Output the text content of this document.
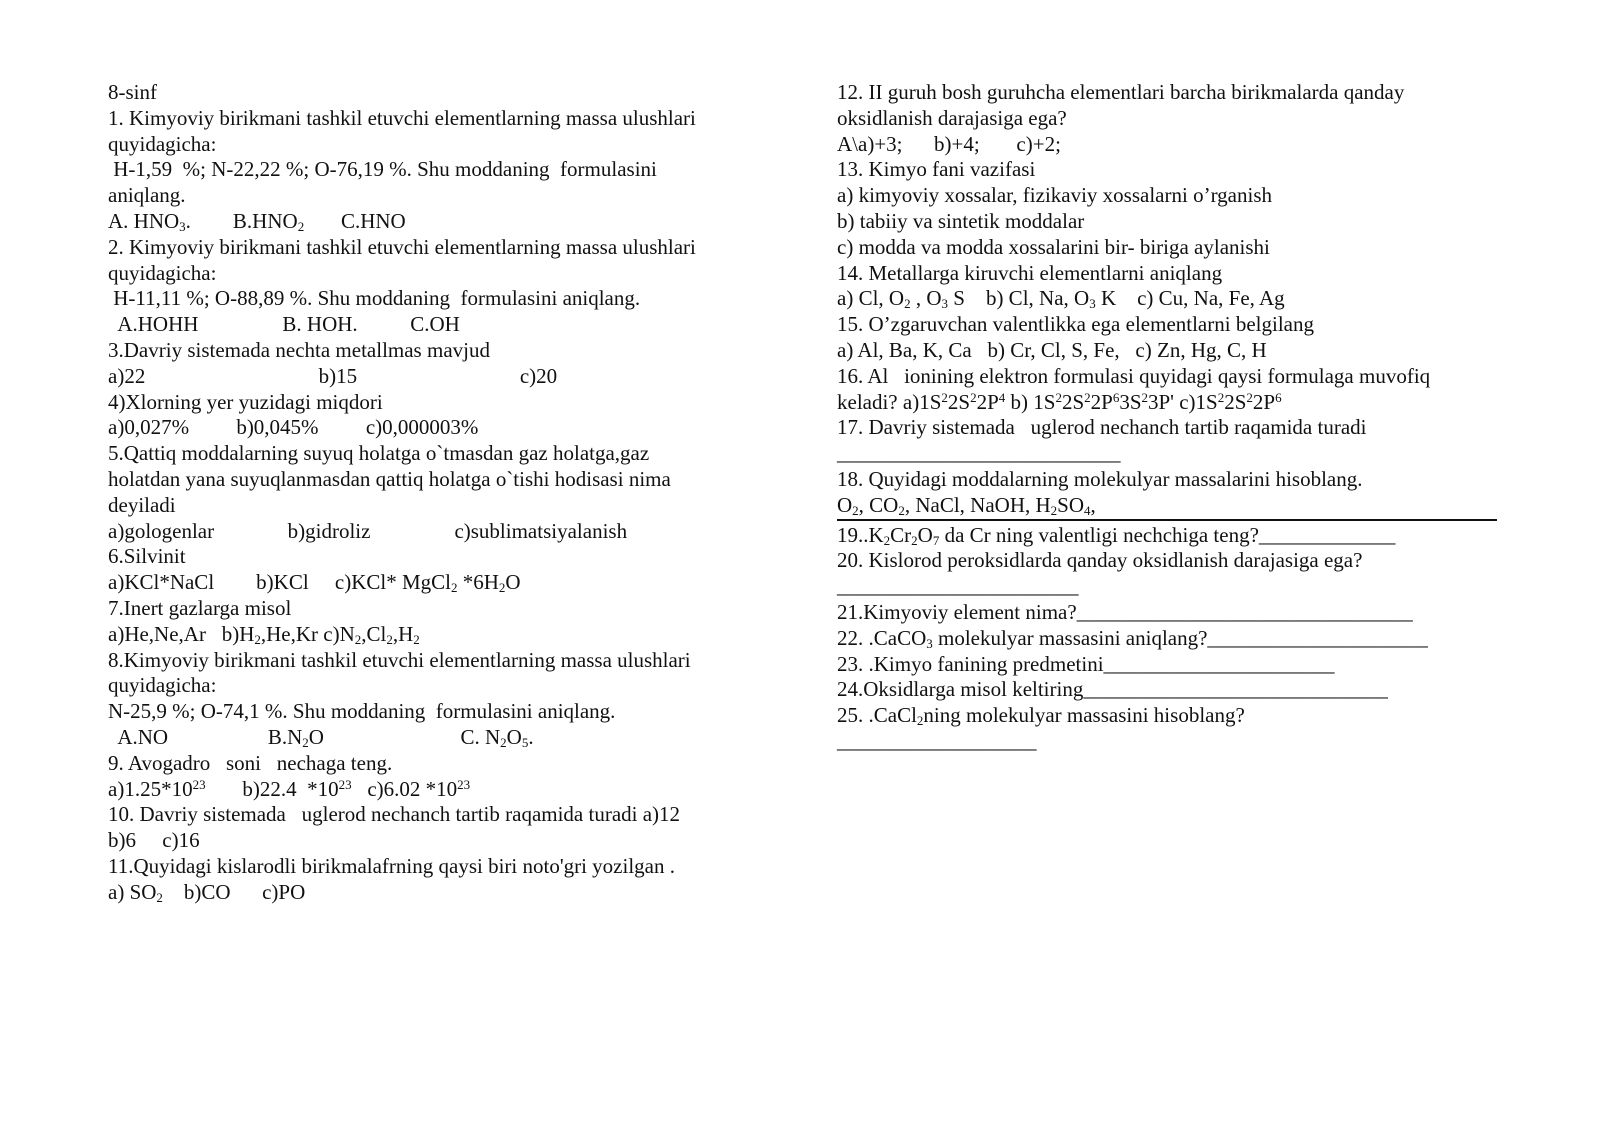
8-sinf
1. Kimyoviy birikmani tashkil etuvchi elementlarning massa ulushlari
quyidagicha:
H-1,59  %; N-22,22 %; O-76,19 %. Shu moddaning  formulasini
aniqlang.
A. $HNO_3$. $B.HNO_2$ C.HNO
2. Kimyoviy birikmani tashkil etuvchi elementlarning massa ulushlari
quyidagicha:
H-11,11 %; O-88,89 %. Shu moddaning  formulasini aniqlang.
A.HOHH	B. HOH.	C.OH
3.Davriy sistemada nechta metallmas mavjud
a)22	b)15	c)20
4)Xlorning yer yuzidagi miqdori
a)0,027% b)0,045% c)0,000003%
5.Qattiq moddalarning suyuq holatga o`tmasdan gaz holatga,gaz
holatdan yana suyuqlanmasdan qattiq holatga o`tishi hodisasi nima
deyiladi
a)gologenlar	b)gidroliz	c)sublimatsiyalanish
6.Silvinit
a)KCl*NaCl b)KCl c)KCl* MgCl$_2$ $*6H_2O$
7.Inert gazlarga misol
a)He,Ne,Ar $b)H_2,He,Kr$ $c)N_2,Cl_2,H_2$
8.Kimyoviy birikmani tashkil etuvchi elementlarning massa ulushlari
quyidagicha:
N-25,9 %; O-74,1 %. Shu moddaning  formulasini aniqlang.
A.NO	$B.N_2O$	C. $N_2O_5$.
9. Avogadro   soni   nechaga teng.
$a)1.25*10^{23}$ b)22.4  $*10^{23}$ c)6.02 $*10^{23}$
10. Davriy sistemada   uglerod nechanch tartib raqamida turadi a)12
b)6 c)16
11.Quyidagi kislarodli birikmalafrning qaysi biri noto'gri yozilgan .
a) $SO_2$ b)CO c)PO
12. II guruh bosh guruhcha elementlari barcha birikmalarda qanday
oksidlanish darajasiga ega?
A\a)+3; b)+4; c)+2;
13. Kimyo fani vazifasi
a) kimyoviy xossalar, fizikaviy xossalarni o’rganish
b) tabiiy va sintetik moddalar
c) modda va modda xossalarini bir- biriga aylanishi
14. Metallarga kiruvchi elementlarni aniqlang
a) Cl, $O_2$ , $O_3$ S b) Cl, Na, $O_3$ K c) Cu, Na, Fe, Ag
15. O’zgaruvchan valentlikka ega elementlarni belgilang
a) Al, Ba, K, Ca b) Cr, Cl, S, Fe, c) Zn, Hg, C, H
16. Al   ionining elektron formulasi quyidagi qaysi formulaga muvofiq
keladi? $a)1S^22S^22P^4$ b) $1S^22S^22P^63S^23P'$ $c)1S^22S^22P^6$
17. Davriy sistemada   uglerod nechanch tartib raqamida turadi
___________________________
18. Quyidagi moddalarning molekulyar massalarini hisoblang.
$O_2$, $CO_2$, NaCl, NaOH, $H_2SO_4$,
$19..K_2Cr_2O_7$ da Cr ning valentligi nechchiga teng?_____________
20. Kislorod peroksidlarda qanday oksidlanish darajasiga ega?
_______________________
21.Kimyoviy element nima?________________________________
22. .CaCO$_3$ molekulyar massasini aniqlang?_____________________
23. .Kimyo fanining predmetini______________________
24.Oksidlarga misol keltiring_____________________________
25. .CaCl$_2$ning molekulyar massasini hisoblang?
___________________
